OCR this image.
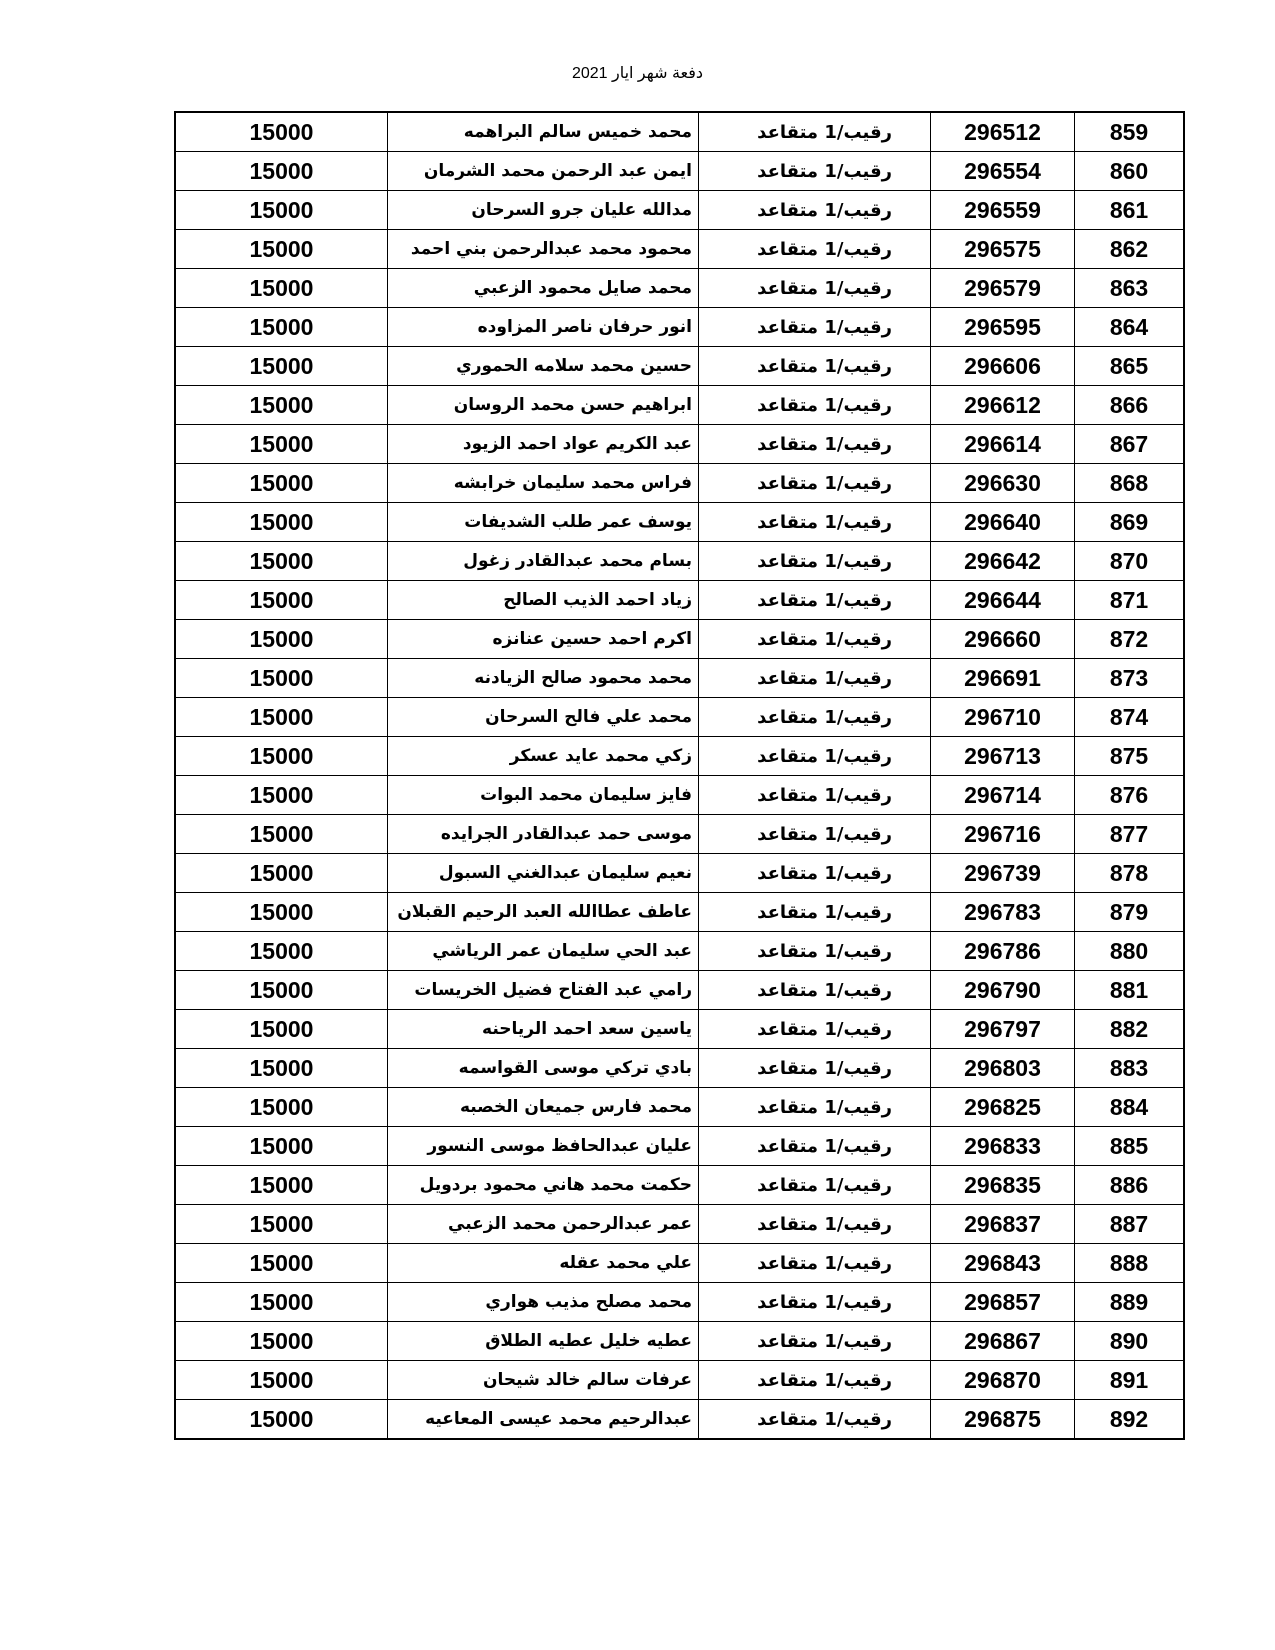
دفعة شهر ايار 2021
859	296512	رقيب/1 متقاعد	محمد خميس سالم البراهمه	15000
860	296554	رقيب/1 متقاعد	ايمن عبد الرحمن محمد الشرمان	15000
861	296559	رقيب/1 متقاعد	مدالله عليان جرو السرحان	15000
862	296575	رقيب/1 متقاعد	محمود محمد عبدالرحمن بني احمد	15000
863	296579	رقيب/1 متقاعد	محمد صايل محمود الزعبي	15000
864	296595	رقيب/1 متقاعد	انور حرفان ناصر المزاوده	15000
865	296606	رقيب/1 متقاعد	حسين محمد سلامه الحموري	15000
866	296612	رقيب/1 متقاعد	ابراهيم حسن محمد الروسان	15000
867	296614	رقيب/1 متقاعد	عبد الكريم عواد احمد الزيود	15000
868	296630	رقيب/1 متقاعد	فراس محمد سليمان خرابشه	15000
869	296640	رقيب/1 متقاعد	يوسف عمر طلب الشديفات	15000
870	296642	رقيب/1 متقاعد	بسام محمد عبدالقادر زغول	15000
871	296644	رقيب/1 متقاعد	زياد احمد الذيب الصالح	15000
872	296660	رقيب/1 متقاعد	اكرم احمد حسين عنانزه	15000
873	296691	رقيب/1 متقاعد	محمد محمود صالح الزيادنه	15000
874	296710	رقيب/1 متقاعد	محمد علي فالح السرحان	15000
875	296713	رقيب/1 متقاعد	زكي محمد عايد عسكر	15000
876	296714	رقيب/1 متقاعد	فايز سليمان محمد البوات	15000
877	296716	رقيب/1 متقاعد	موسى حمد عبدالقادر الجرايده	15000
878	296739	رقيب/1 متقاعد	نعيم سليمان عبدالغني السبول	15000
879	296783	رقيب/1 متقاعد	عاطف عطاالله العبد الرحيم القبلان	15000
880	296786	رقيب/1 متقاعد	عبد الحي سليمان عمر الرياشي	15000
881	296790	رقيب/1 متقاعد	رامي عبد الفتاح فضيل الخريسات	15000
882	296797	رقيب/1 متقاعد	ياسين سعد احمد الرياحنه	15000
883	296803	رقيب/1 متقاعد	بادي تركي موسى القواسمه	15000
884	296825	رقيب/1 متقاعد	محمد فارس جميعان الخصبه	15000
885	296833	رقيب/1 متقاعد	عليان عبدالحافظ موسى النسور	15000
886	296835	رقيب/1 متقاعد	حكمت محمد هاني محمود بردويل	15000
887	296837	رقيب/1 متقاعد	عمر عبدالرحمن محمد الزعبي	15000
888	296843	رقيب/1 متقاعد	علي محمد عقله	15000
889	296857	رقيب/1 متقاعد	محمد مصلح مذيب هواري	15000
890	296867	رقيب/1 متقاعد	عطيه خليل عطيه الطلاق	15000
891	296870	رقيب/1 متقاعد	عرفات سالم خالد شيحان	15000
892	296875	رقيب/1 متقاعد	عبدالرحيم محمد عيسى المعاعيه	15000
